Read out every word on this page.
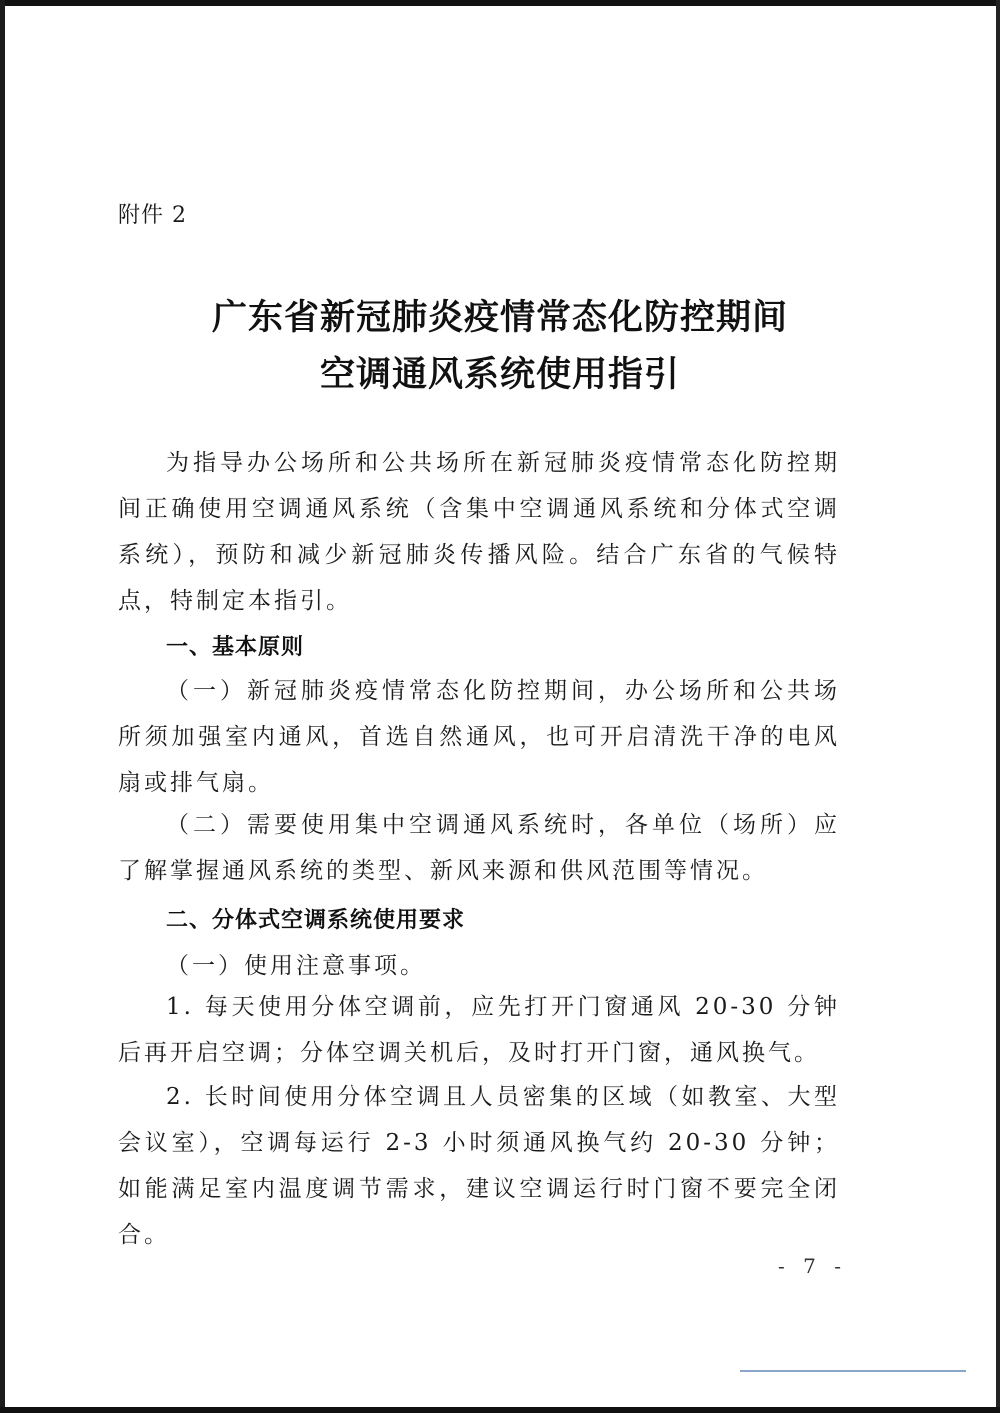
附件 2
广东省新冠肺炎疫情常态化防控期间
空调通风系统使用指引

为指导办公场所和公共场所在新冠肺炎疫情常态化防控期间正确使用空调通风系统（含集中空调通风系统和分体式空调系统），预防和减少新冠肺炎传播风险。结合广东省的气候特点，特制定本指引。

一、基本原则

（一）新冠肺炎疫情常态化防控期间，办公场所和公共场所须加强室内通风，首选自然通风，也可开启清洗干净的电风扇或排气扇。

（二）需要使用集中空调通风系统时，各单位（场所）应了解掌握通风系统的类型、新风来源和供风范围等情况。

二、分体式空调系统使用要求
（一）使用注意事项。

1. 每天使用分体空调前，应先打开门窗通风 20-30 分钟后再开启空调；分体空调关机后，及时打开门窗，通风换气。

2. 长时间使用分体空调且人员密集的区域（如教室、大型会议室），空调每运行 2-3 小时须通风换气约 20-30 分钟；如能满足室内温度调节需求，建议空调运行时门窗不要完全闭合。

- 7 -
